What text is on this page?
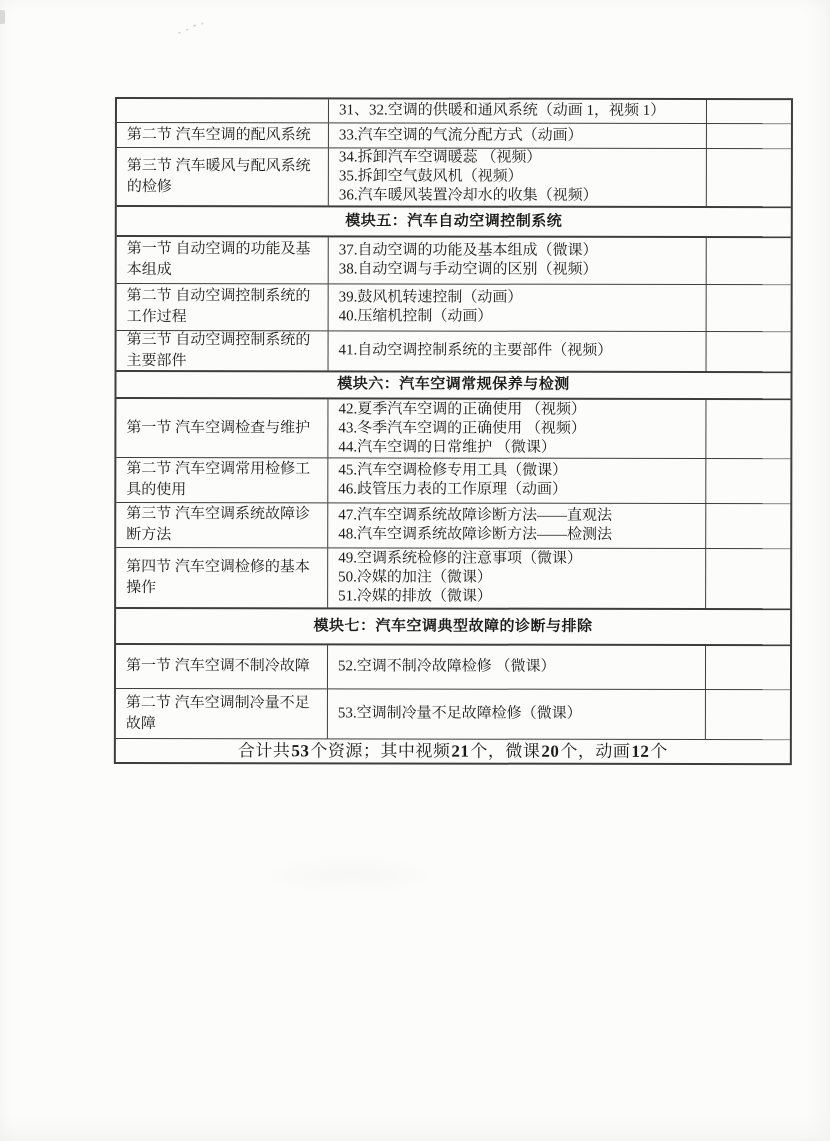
31、32.空调的供暖和通风系统（动画 1，视频 1）
第二节 汽车空调的配风系统 33.汽车空调的气流分配方式（动画）
第三节 汽车暖风与配风系统的检修
34.拆卸汽车空调暖蕊 （视频）
35.拆卸空气鼓风机（视频）
36.汽车暖风装置冷却水的收集（视频）
模块五：汽车自动空调控制系统
第一节 自动空调的功能及基本组成
37.自动空调的功能及基本组成（微课）
38.自动空调与手动空调的区别（视频）
第二节 自动空调控制系统的工作过程
39.鼓风机转速控制（动画）
40.压缩机控制（动画）
第三节 自动空调控制系统的主要部件
41.自动空调控制系统的主要部件（视频）
模块六：汽车空调常规保养与检测
第一节 汽车空调检查与维护
42.夏季汽车空调的正确使用 （视频）
43.冬季汽车空调的正确使用 （视频）
44.汽车空调的日常维护 （微课）
第二节 汽车空调常用检修工具的使用
45.汽车空调检修专用工具（微课）
46.歧管压力表的工作原理（动画）
第三节 汽车空调系统故障诊断方法
47.汽车空调系统故障诊断方法——直观法
48.汽车空调系统故障诊断方法——检测法
第四节 汽车空调检修的基本操作
49.空调系统检修的注意事项（微课）
50.冷媒的加注（微课）
51.冷媒的排放（微课）
模块七：汽车空调典型故障的诊断与排除
第一节 汽车空调不制冷故障 52.空调不制冷故障检修 （微课）
第二节 汽车空调制冷量不足故障
53.空调制冷量不足故障检修（微课）
合计共 53 个资源；其中视频 21 个，微课 20 个，动画 12 个
